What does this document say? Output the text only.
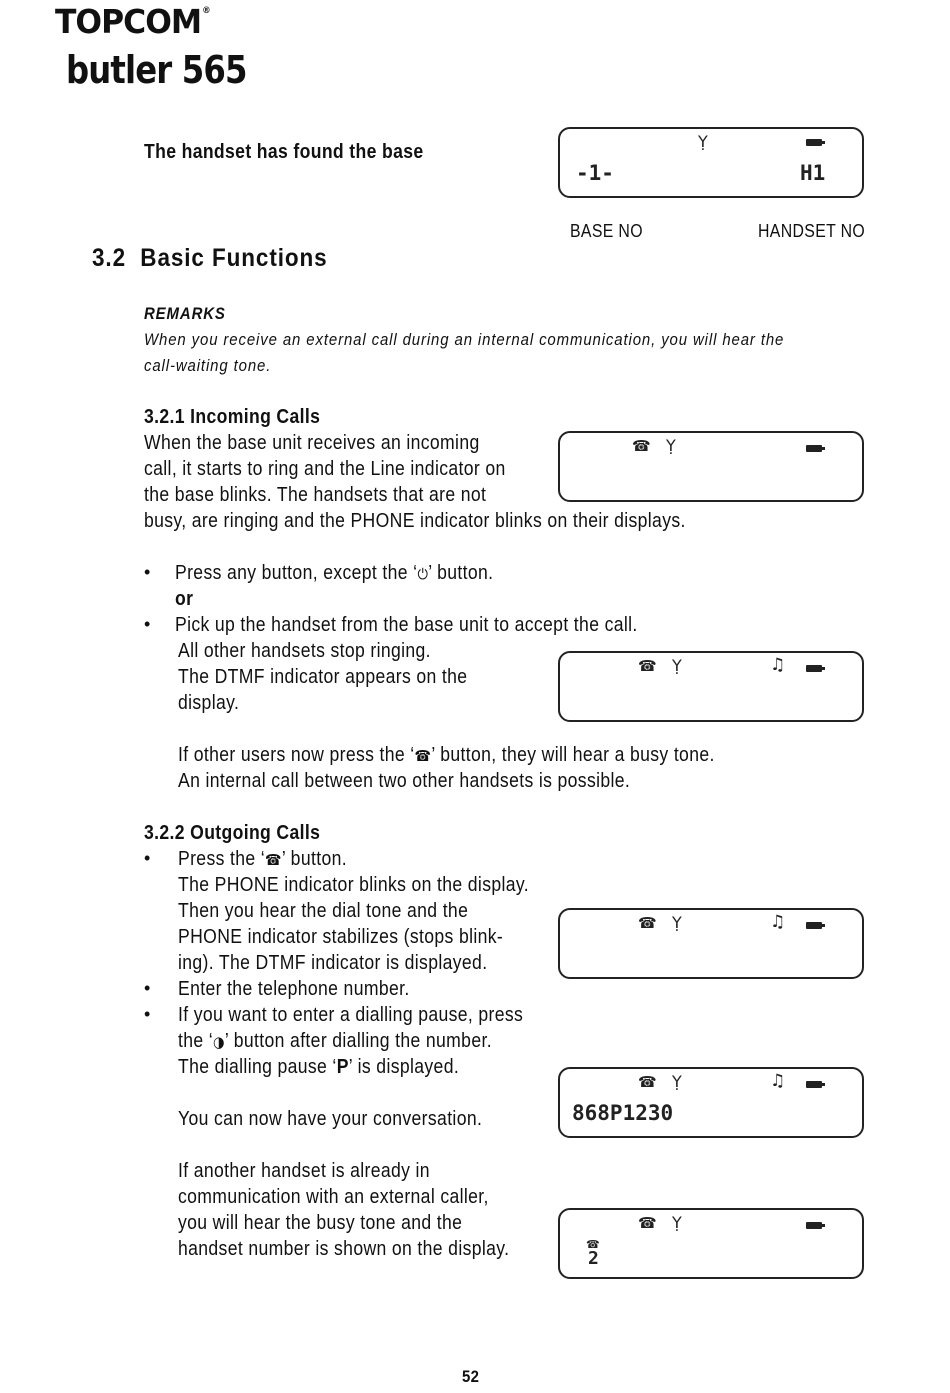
TOPCOM®
butler 565
The handset has found the base	Ỵ
-1-	H1
BASE NO	HANDSET NO
3.2 Basic Functions
REMARKS
When you receive an external call during an internal communication, you will hear the
call-waiting tone.
3.2.1 Incoming Calls
When the base unit receives an incoming
call, it starts to ring and the Line indicator on
the base blinks. The handsets that are not
busy, are ringing and the PHONE indicator blinks on their displays.
☎ Ỵ
• Press any button, except the ‘⏻’ button.
or
• Pick up the handset from the base unit to accept the call.
All other handsets stop ringing.
The DTMF indicator appears on the
display.
☎ Ỵ	♫
If other users now press the ‘☎’ button, they will hear a busy tone.
An internal call between two other handsets is possible.
3.2.2 Outgoing Calls
• Press the ‘☎’ button.
The PHONE indicator blinks on the display.
Then you hear the dial tone and the
PHONE indicator stabilizes (stops blink-
ing). The DTMF indicator is displayed.
☎ Ỵ	♫
• Enter the telephone number.
• If you want to enter a dialling pause, press
the ‘◑’ button after dialling the number.
The dialling pause ‘P’ is displayed.
☎ Ỵ	♫
868P1230
You can now have your conversation.
If another handset is already in
communication with an external caller,
you will hear the busy tone and the
handset number is shown on the display.
☎ Ỵ
☎
2
52
